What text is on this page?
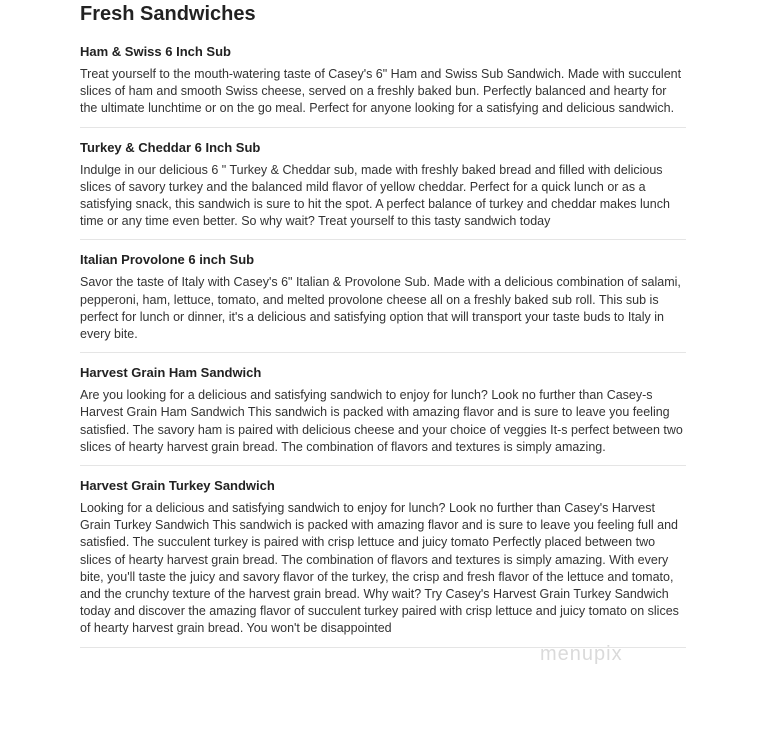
Fresh Sandwiches
Ham & Swiss 6 Inch Sub

Treat yourself to the mouth-watering taste of Casey's 6" Ham and Swiss Sub Sandwich. Made with succulent slices of ham and smooth Swiss cheese, served on a freshly baked bun. Perfectly balanced and hearty for the ultimate lunchtime or on the go meal. Perfect for anyone looking for a satisfying and delicious sandwich.

Turkey & Cheddar 6 Inch Sub

Indulge in our delicious 6 " Turkey & Cheddar sub, made with freshly baked bread and filled with delicious slices of savory turkey and the balanced mild flavor of yellow cheddar. Perfect for a quick lunch or as a satisfying snack, this sandwich is sure to hit the spot. A perfect balance of turkey and cheddar makes lunch time or any time even better. So why wait? Treat yourself to this tasty sandwich today

Italian Provolone 6 inch Sub

Savor the taste of Italy with Casey's 6" Italian & Provolone Sub. Made with a delicious combination of salami, pepperoni, ham, lettuce, tomato, and melted provolone cheese all on a freshly baked sub roll. This sub is perfect for lunch or dinner, it's a delicious and satisfying option that will transport your taste buds to Italy in every bite.

Harvest Grain Ham Sandwich

Are you looking for a delicious and satisfying sandwich to enjoy for lunch? Look no further than Casey-s Harvest Grain Ham Sandwich This sandwich is packed with amazing flavor and is sure to leave you feeling satisfied. The savory ham is paired with delicious cheese and your choice of veggies It-s perfect between two slices of hearty harvest grain bread. The combination of flavors and textures is simply amazing.

Harvest Grain Turkey Sandwich

Looking for a delicious and satisfying sandwich to enjoy for lunch? Look no further than Casey's Harvest Grain Turkey Sandwich This sandwich is packed with amazing flavor and is sure to leave you feeling full and satisfied. The succulent turkey is paired with crisp lettuce and juicy tomato Perfectly placed between two slices of hearty harvest grain bread. The combination of flavors and textures is simply amazing. With every bite, you'll taste the juicy and savory flavor of the turkey, the crisp and fresh flavor of the lettuce and tomato, and the crunchy texture of the harvest grain bread. Why wait? Try Casey's Harvest Grain Turkey Sandwich today and discover the amazing flavor of succulent turkey paired with crisp lettuce and juicy tomato on slices of hearty harvest grain bread. You won't be disappointed

menupix
